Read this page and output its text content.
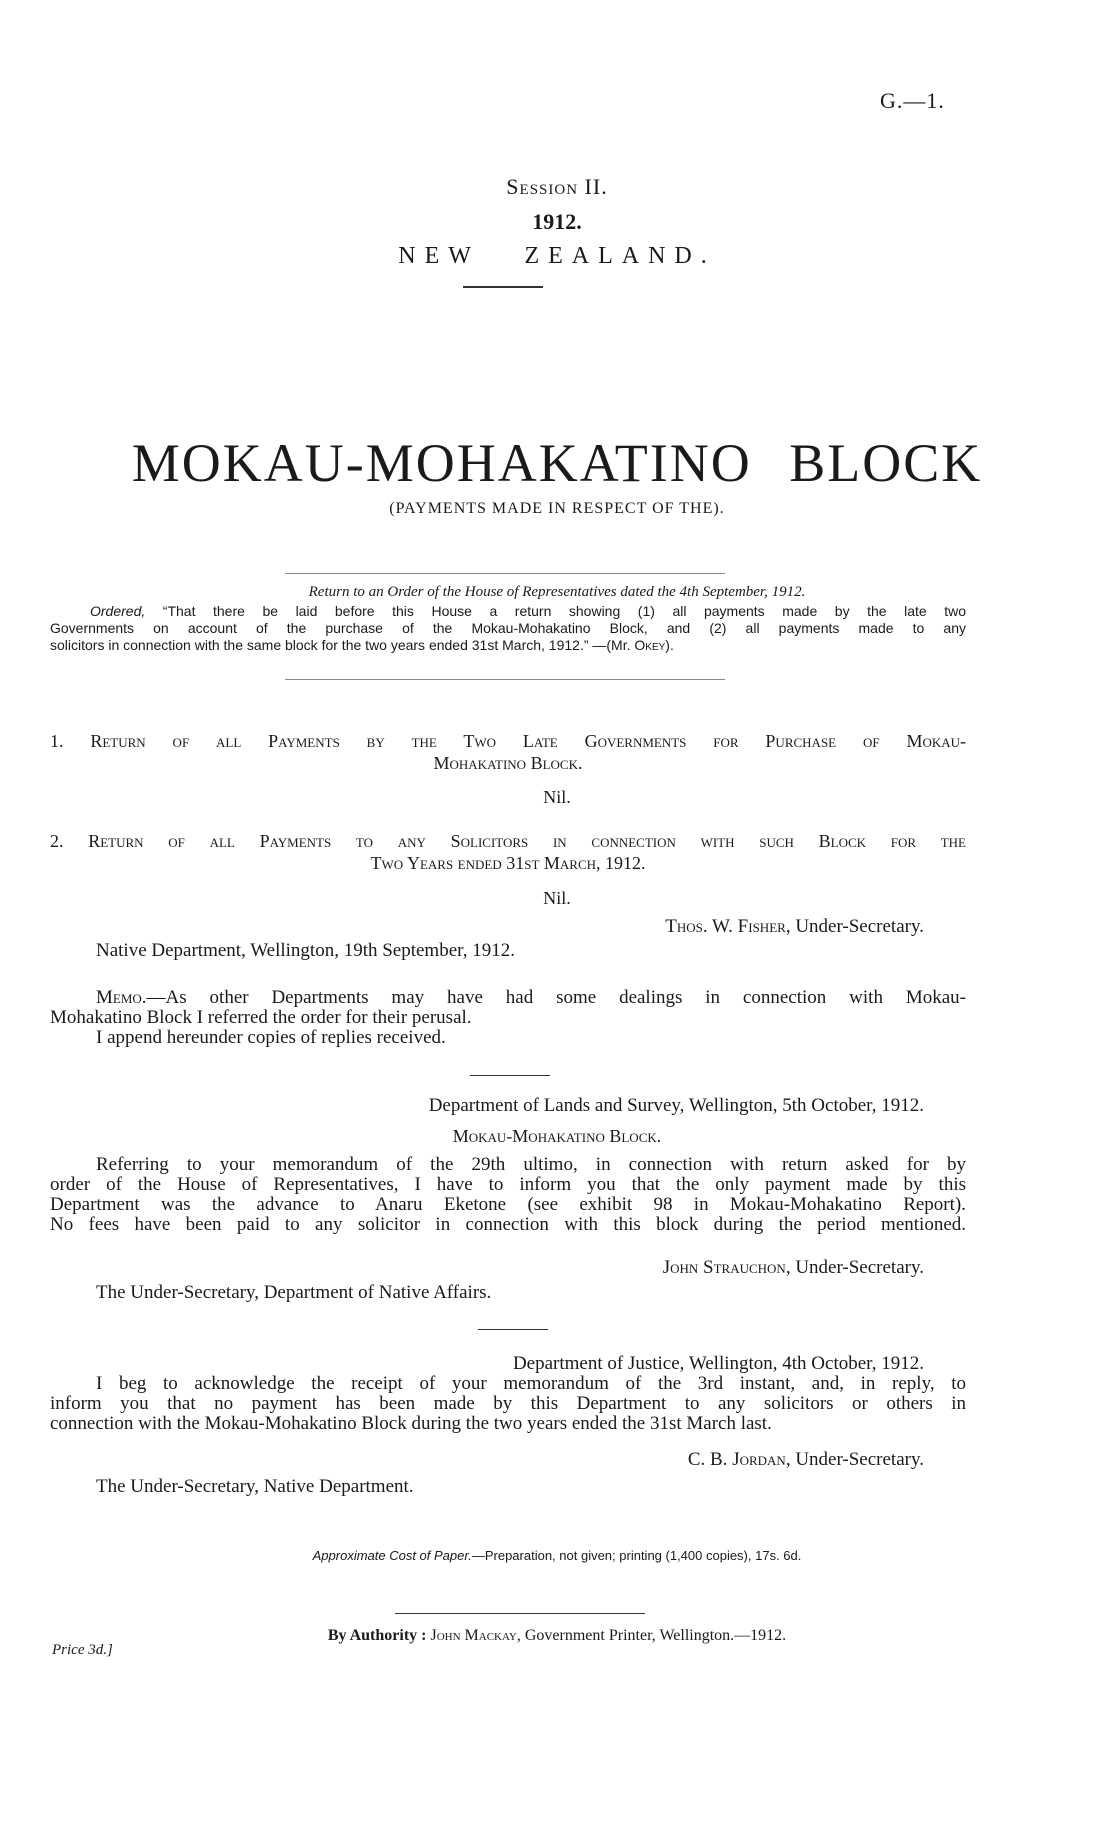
G.—1.
Session II.
1912.
NEW   ZEALAND.
MOKAU-MOHAKATINO BLOCK
(PAYMENTS MADE IN RESPECT OF THE).
Return to an Order of the House of Representatives dated the 4th September, 1912.
Ordered, “That there be laid before this House a return showing (1) all payments made by the late two
Governments on account of the purchase of the Mokau-Mohakatino Block, and (2) all payments made to any
solicitors in connection with the same block for the two years ended 31st March, 1912.” —(Mr. Okey).
1. Return of all Payments by the Two Late Governments for Purchase of Mokau-
Mohakatino Block.
Nil.
2. Return of all Payments to any Solicitors in connection with such Block for the
Two Years ended 31st March, 1912.
Nil.
Thos. W. Fisher, Under-Secretary.
Native Department, Wellington, 19th September, 1912.
Memo.—As other Departments may have had some dealings in connection with Mokau-
Mohakatino Block I referred the order for their perusal.
I append hereunder copies of replies received.
Department of Lands and Survey, Wellington, 5th October, 1912.
Mokau-Mohakatino Block.
Referring to your memorandum of the 29th ultimo, in connection with return asked for by
order of the House of Representatives, I have to inform you that the only payment made by this
Department was the advance to Anaru Eketone (see exhibit 98 in Mokau-Mohakatino Report).
No fees have been paid to any solicitor in connection with this block during the period mentioned.
John Strauchon, Under-Secretary.
The Under-Secretary, Department of Native Affairs.
Department of Justice, Wellington, 4th October, 1912.
I beg to acknowledge the receipt of your memorandum of the 3rd instant, and, in reply, to
inform you that no payment has been made by this Department to any solicitors or others in
connection with the Mokau-Mohakatino Block during the two years ended the 31st March last.
C. B. Jordan, Under-Secretary.
The Under-Secretary, Native Department.
Approximate Cost of Paper.—Preparation, not given; printing (1,400 copies), 17s. 6d.
Price 3d.]
By Authority : John Mackay, Government Printer, Wellington.—1912.
